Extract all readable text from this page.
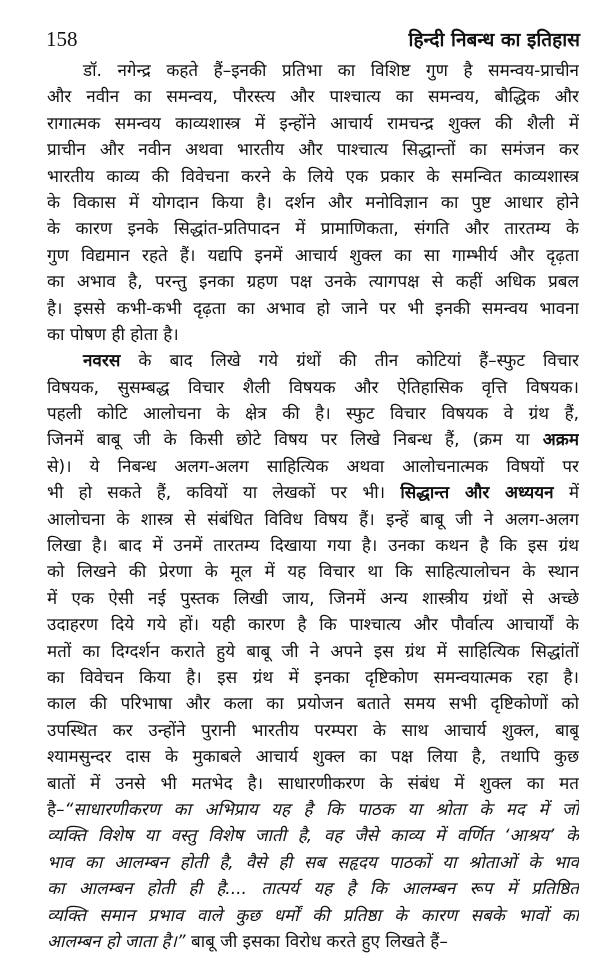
158	हिन्दी निबन्ध का इतिहास
डॉ. नगेन्द्र कहते हैं–इनकी प्रतिभा का विशिष्ट गुण है समन्वय-प्राचीन
और नवीन का समन्वय, पौरस्त्य और पाश्चात्य का समन्वय, बौद्धिक और
रागात्मक समन्वय काव्यशास्त्र में इन्होंने आचार्य रामचन्द्र शुक्ल की शैली में
प्राचीन और नवीन अथवा भारतीय और पाश्चात्य सिद्धान्तों का समंजन कर
भारतीय काव्य की विवेचना करने के लिये एक प्रकार के समन्वित काव्यशास्त्र
के विकास में योगदान किया है। दर्शन और मनोविज्ञान का पुष्ट आधार होने
के कारण इनके सिद्धांत-प्रतिपादन में प्रामाणिकता, संगति और तारतम्य के
गुण विद्यमान रहते हैं। यद्यपि इनमें आचार्य शुक्ल का सा गाम्भीर्य और दृढ़ता
का अभाव है, परन्तु इनका ग्रहण पक्ष उनके त्यागपक्ष से कहीं अधिक प्रबल
है। इससे कभी-कभी दृढ़ता का अभाव हो जाने पर भी इनकी समन्वय भावना
का पोषण ही होता है।
नवरस के बाद लिखे गये ग्रंथों की तीन कोटियां हैं–स्फुट विचार
विषयक, सुसम्बद्ध विचार शैली विषयक और ऐतिहासिक वृत्ति विषयक।
पहली कोटि आलोचना के क्षेत्र की है। स्फुट विचार विषयक वे ग्रंथ हैं,
जिनमें बाबू जी के किसी छोटे विषय पर लिखे निबन्ध हैं, (क्रम या अक्रम
से)। ये निबन्ध अलग-अलग साहित्यिक अथवा आलोचनात्मक विषयों पर
भी हो सकते हैं, कवियों या लेखकों पर भी। सिद्धान्त और अध्ययन में
आलोचना के शास्त्र से संबंधित विविध विषय हैं। इन्हें बाबू जी ने अलग-अलग
लिखा है। बाद में उनमें तारतम्य दिखाया गया है। उनका कथन है कि इस ग्रंथ
को लिखने की प्रेरणा के मूल में यह विचार था कि साहित्यालोचन के स्थान
में एक ऐसी नई पुस्तक लिखी जाय, जिनमें अन्य शास्त्रीय ग्रंथों से अच्छे
उदाहरण दिये गये हों। यही कारण है कि पाश्चात्य और पौर्वात्य आचार्यों के
मतों का दिग्दर्शन कराते हुये बाबू जी ने अपने इस ग्रंथ में साहित्यिक सिद्धांतों
का विवेचन किया है। इस ग्रंथ में इनका दृष्टिकोण समन्वयात्मक रहा है।
काल की परिभाषा और कला का प्रयोजन बताते समय सभी दृष्टिकोणों को
उपस्थित कर उन्होंने पुरानी भारतीय परम्परा के साथ आचार्य शुक्ल, बाबू
श्यामसुन्दर दास के मुकाबले आचार्य शुक्ल का पक्ष लिया है, तथापि कुछ
बातों में उनसे भी मतभेद है। साधारणीकरण के संबंध में शुक्ल का मत
है–“साधारणीकरण का अभिप्राय यह है कि पाठक या श्रोता के मद में जो
व्यक्ति विशेष या वस्तु विशेष जाती है, वह जैसे काव्य में वर्णित ‘आश्रय’ के
भाव का आलम्बन होती है, वैसे ही सब सहृदय पाठकों या श्रोताओं के भाव
का आलम्बन होती ही है.... तात्पर्य यह है कि आलम्बन रूप में प्रतिष्ठित
व्यक्ति समान प्रभाव वाले कुछ धर्मों की प्रतिष्ठा के कारण सबके भावों का
आलम्बन हो जाता है।” बाबू जी इसका विरोध करते हुए लिखते हैं–
